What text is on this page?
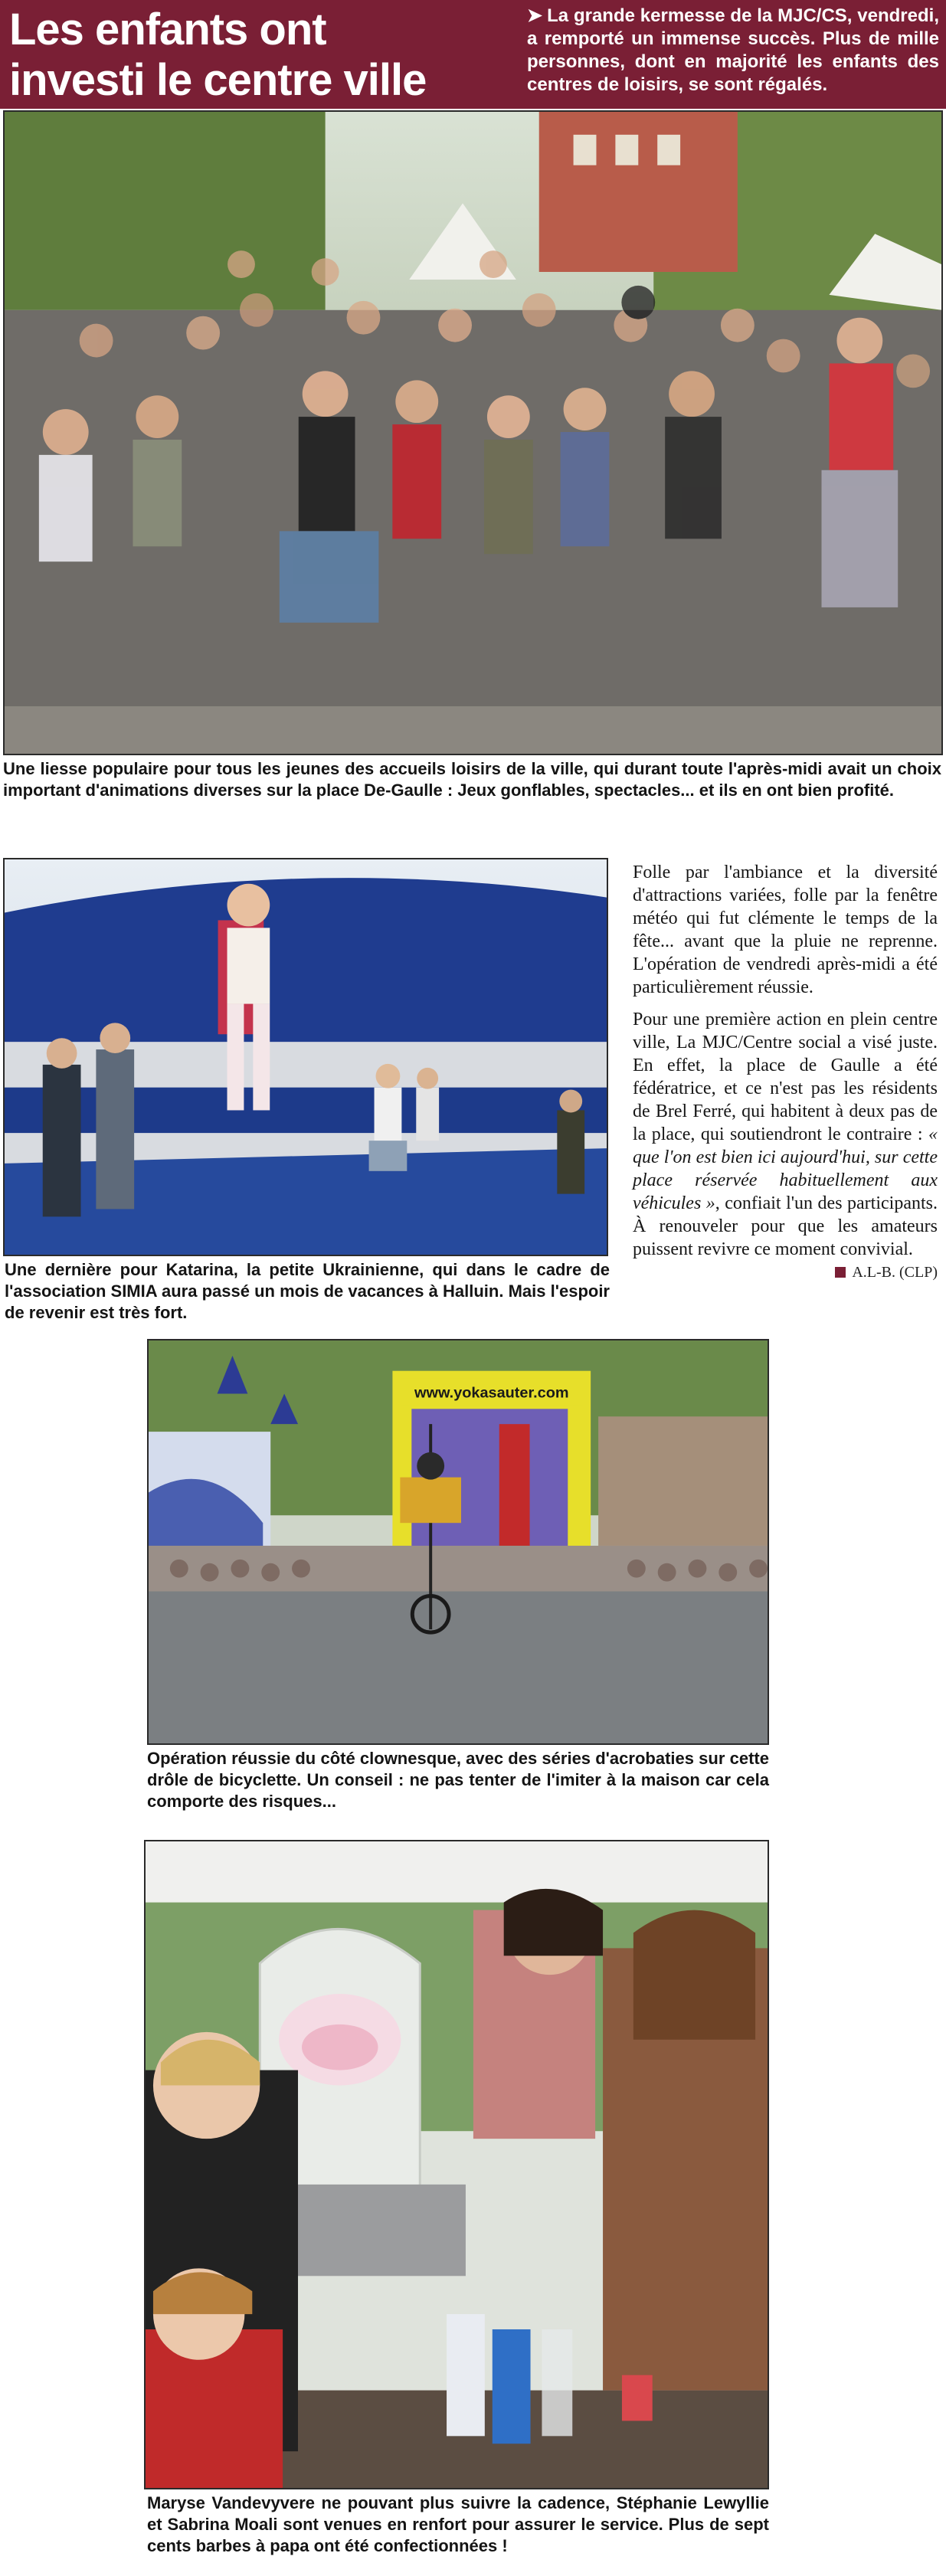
Les enfants ont
investi le centre ville
➤ La grande kermesse de la MJC/CS, vendredi, a remporté un immense succès. Plus de mille personnes, dont en majorité les enfants des centres de loisirs, se sont régalés.
Une liesse populaire pour tous les jeunes des accueils loisirs de la ville, qui durant toute l'après-midi avait un choix important d'animations diverses sur la place De-Gaulle : Jeux gonflables, spectacles... et ils en ont bien profité.
Une dernière pour Katarina, la petite Ukrainienne, qui dans le cadre de l'association SIMIA aura passé un mois de vacances à Halluin. Mais l'espoir de revenir est très fort.

Folle par l'ambiance et la diversité d'attractions variées, folle par la fenêtre météo qui fut clémente le temps de la fête... avant que la pluie ne reprenne. L'opération de vendredi après-midi a été particulièrement réussie.

Pour une première action en plein centre ville, La MJC/Centre social a visé juste. En effet, la place de Gaulle a été fédératrice, et ce n'est pas les résidents de Brel Ferré, qui habitent à deux pas de la place, qui soutiendront le contraire : « que l'on est bien ici aujourd'hui, sur cette place réservée habituellement aux véhicules », confiait l'un des participants. À renouveler pour que les amateurs puissent revivre ce moment convivial.

A.L-B. (CLP)
www.yokasauter.com
Opération réussie du côté clownesque, avec des séries d'acrobaties sur cette drôle de bicyclette. Un conseil : ne pas tenter de l'imiter à la maison car cela comporte des risques...
Maryse Vandevyvere ne pouvant plus suivre la cadence, Stéphanie Lewyllie et Sabrina Moali sont venues en renfort pour assurer le service. Plus de sept cents barbes à papa ont été confectionnées !
